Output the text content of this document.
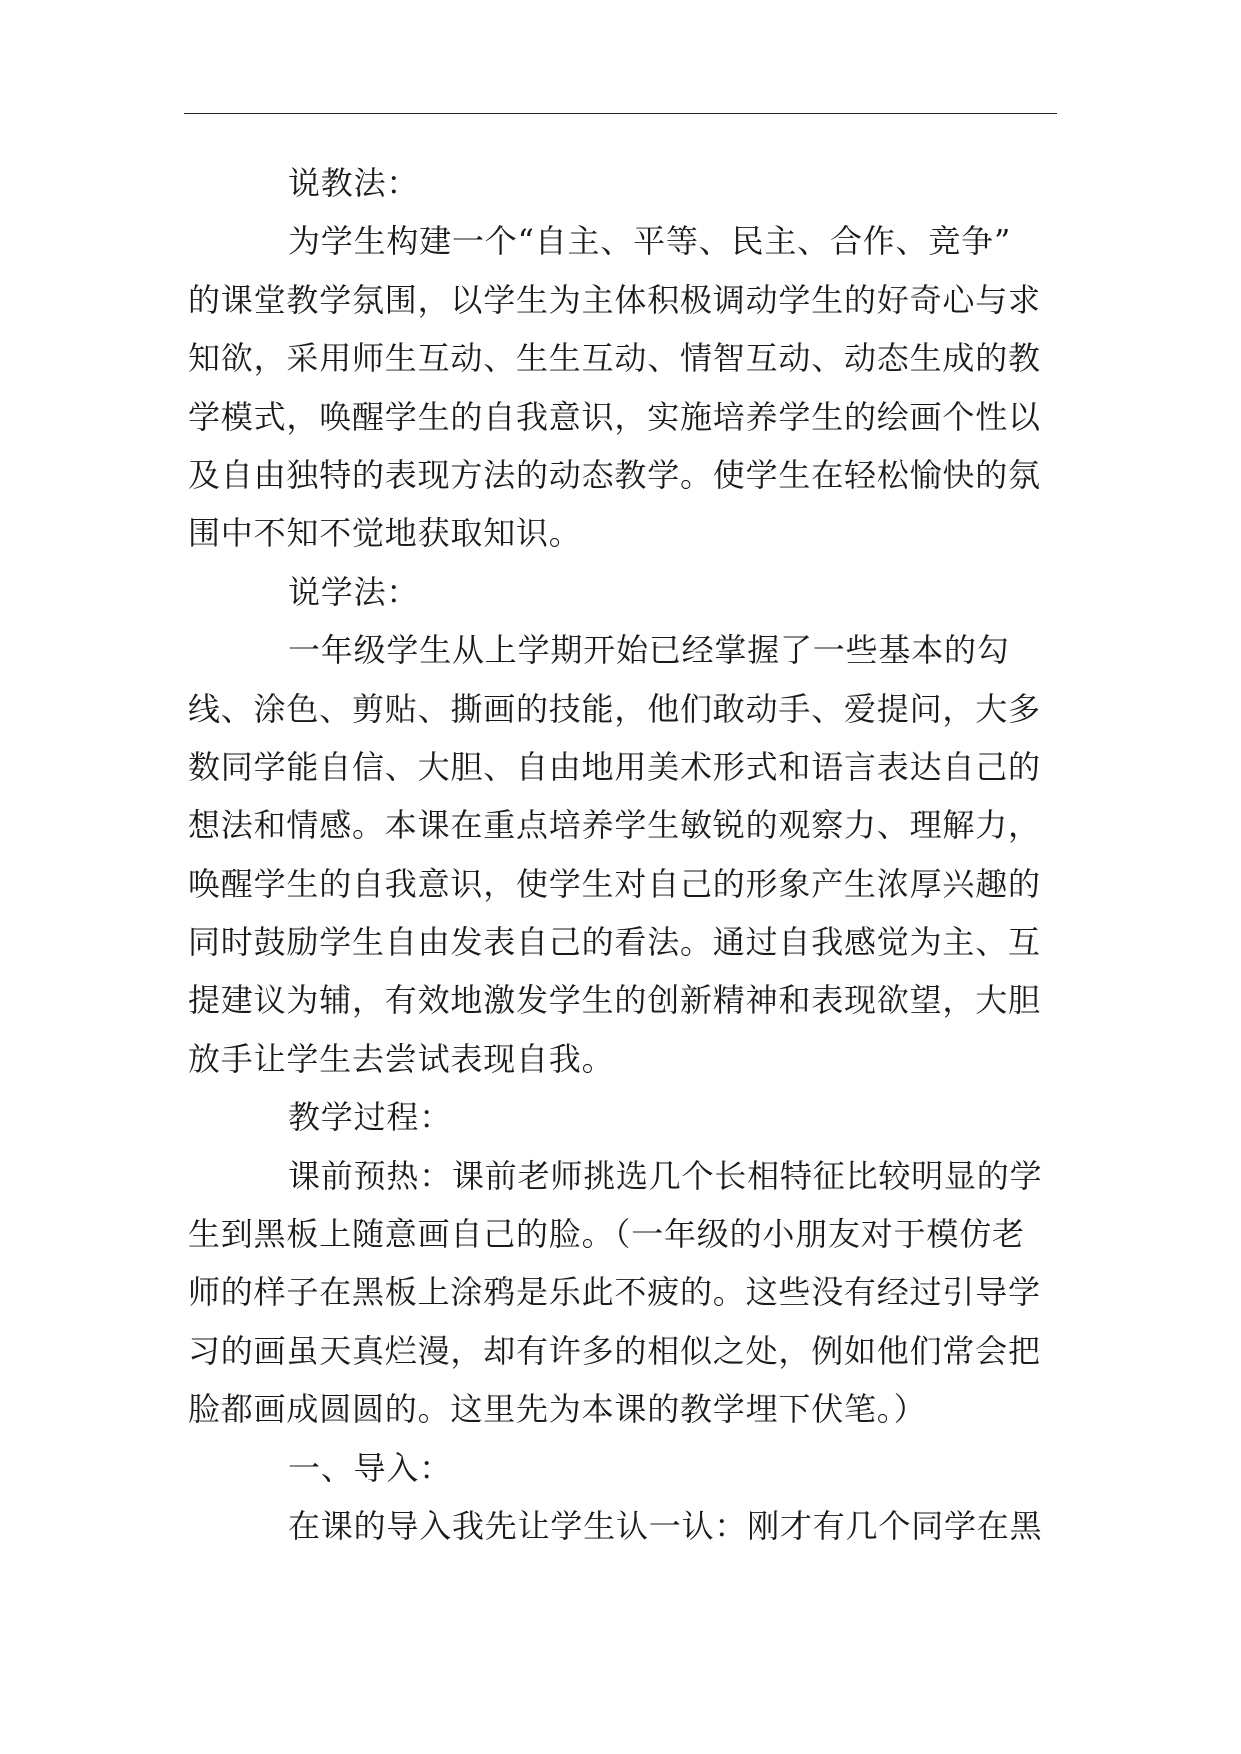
说教法：
为学生构建一个“自主、平等、民主、合作、竞争”
的课堂教学氛围，以学生为主体积极调动学生的好奇心与求
知欲，采用师生互动、生生互动、情智互动、动态生成的教
学模式，唤醒学生的自我意识，实施培养学生的绘画个性以
及自由独特的表现方法的动态教学。使学生在轻松愉快的氛
围中不知不觉地获取知识。
说学法：
一年级学生从上学期开始已经掌握了一些基本的勾
线、涂色、剪贴、撕画的技能，他们敢动手、爱提问，大多
数同学能自信、大胆、自由地用美术形式和语言表达自己的
想法和情感。本课在重点培养学生敏锐的观察力、理解力，
唤醒学生的自我意识，使学生对自己的形象产生浓厚兴趣的
同时鼓励学生自由发表自己的看法。通过自我感觉为主、互
提建议为辅，有效地激发学生的创新精神和表现欲望，大胆
放手让学生去尝试表现自我。
教学过程：
课前预热：课前老师挑选几个长相特征比较明显的学
生到黑板上随意画自己的脸。（一年级的小朋友对于模仿老
师的样子在黑板上涂鸦是乐此不疲的。这些没有经过引导学
习的画虽天真烂漫，却有许多的相似之处，例如他们常会把
脸都画成圆圆的。这里先为本课的教学埋下伏笔。）
一、导入：
在课的导入我先让学生认一认：刚才有几个同学在黑
